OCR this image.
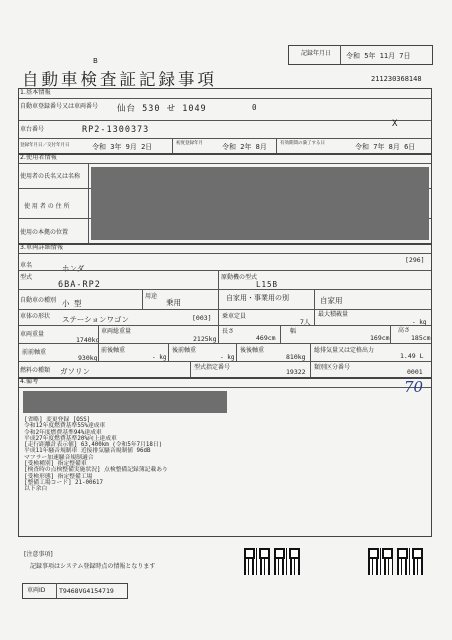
B
自動車検査証記録事項
記録年月日 令和 5年 11月 7日
211230368148
1.基本情報
自動車登録番号又は車両番号 仙台 530 せ 1049	0
車台番号	RP2-1300373
X
登録年月日／交付年月日	令和 3年 9月 2日	初度登録年月	令和 2年 8月	有効期間の満了する日	令和 7年 8月 6日
2.使用者情報
使用者の氏名又は名称
使 用 者 の 住 所
使用の本拠の位置
3.車両詳細情報
車名	ホンダ
[296]
型式
6BA-RP2
原動機の型式
L15B
自動車の種別 小 型
用途
乗用	自家用・事業用の別	自家用
車体の形状 ステーションワゴン	[003] 乗車定員
7人
最大積載量
- kg
車両重量
1740kg
車両総重量
2125kg
長さ
469cm
幅
169cm
高さ
185cm
前前軸重
930kg
前後軸重
- kg
後前軸重
- kg
後後軸重
810kg
総排気量又は定格出力
1.49 L
燃料の種類 ガソリン	型式指定番号
19322
類別区分番号
0001
4.備考	70
[省略] 変更登録 [OSS]
令和12年度燃費基準55%達成車
令和2年度燃費基準94%達成車
平成27年度燃費基準20%向上達成車
[走行距離計表示値] 63,400km (令和5年7月18日)
平成11年騒音規制車 近接排気騒音規制値 96dB
マフラー加速騒音規制適合
[受検種別] 指定整備車
[検査時の点検整備実施状況] 点検整備記録簿記載あり
[受検形態] 指定整備工場
[整備工場コード] 21-00617
以下余白
[注意事項]
記録事項はシステム登録時点の情報となります
車両ID T9468VG4154719
